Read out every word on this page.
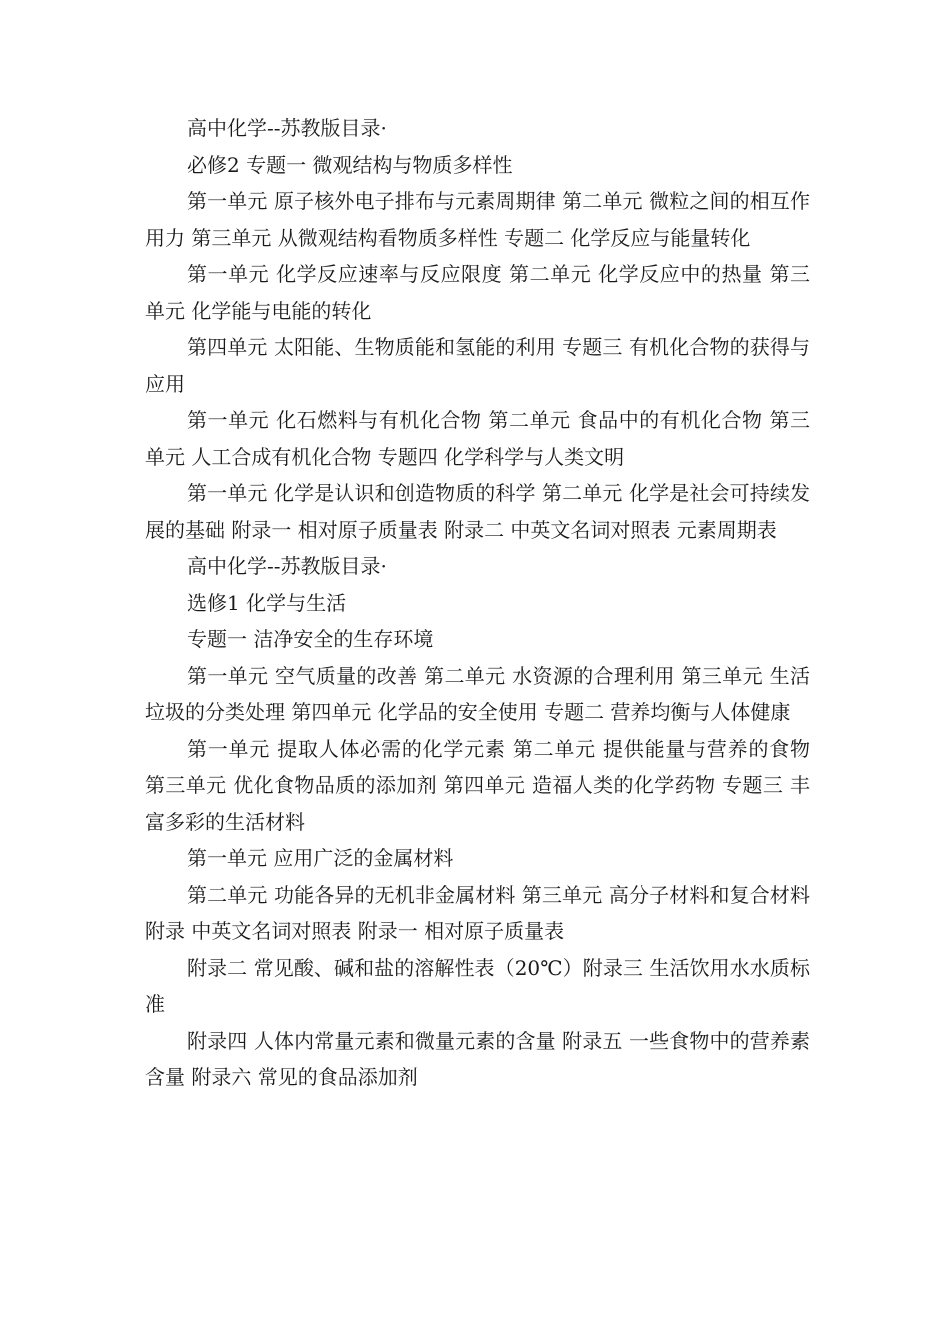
高中化学--苏教版目录·

必修2 专题一 微观结构与物质多样性

第一单元 原子核外电子排布与元素周期律 第二单元 微粒之间的相互作用力 第三单元 从微观结构看物质多样性 专题二 化学反应与能量转化

第一单元 化学反应速率与反应限度 第二单元 化学反应中的热量 第三单元 化学能与电能的转化

第四单元 太阳能、生物质能和氢能的利用 专题三 有机化合物的获得与应用

第一单元 化石燃料与有机化合物 第二单元 食品中的有机化合物 第三单元 人工合成有机化合物 专题四 化学科学与人类文明

第一单元 化学是认识和创造物质的科学 第二单元 化学是社会可持续发展的基础 附录一 相对原子质量表 附录二 中英文名词对照表 元素周期表

高中化学--苏教版目录·

选修1 化学与生活

专题一 洁净安全的生存环境

第一单元 空气质量的改善 第二单元 水资源的合理利用 第三单元 生活垃圾的分类处理 第四单元 化学品的安全使用 专题二 营养均衡与人体健康

第一单元 提取人体必需的化学元素 第二单元 提供能量与营养的食物 第三单元 优化食物品质的添加剂 第四单元 造福人类的化学药物 专题三 丰富多彩的生活材料

第一单元 应用广泛的金属材料

第二单元 功能各异的无机非金属材料 第三单元 高分子材料和复合材料 附录 中英文名词对照表 附录一 相对原子质量表

附录二 常见酸、碱和盐的溶解性表（20℃）附录三 生活饮用水水质标准

附录四 人体内常量元素和微量元素的含量 附录五 一些食物中的营养素含量 附录六 常见的食品添加剂
